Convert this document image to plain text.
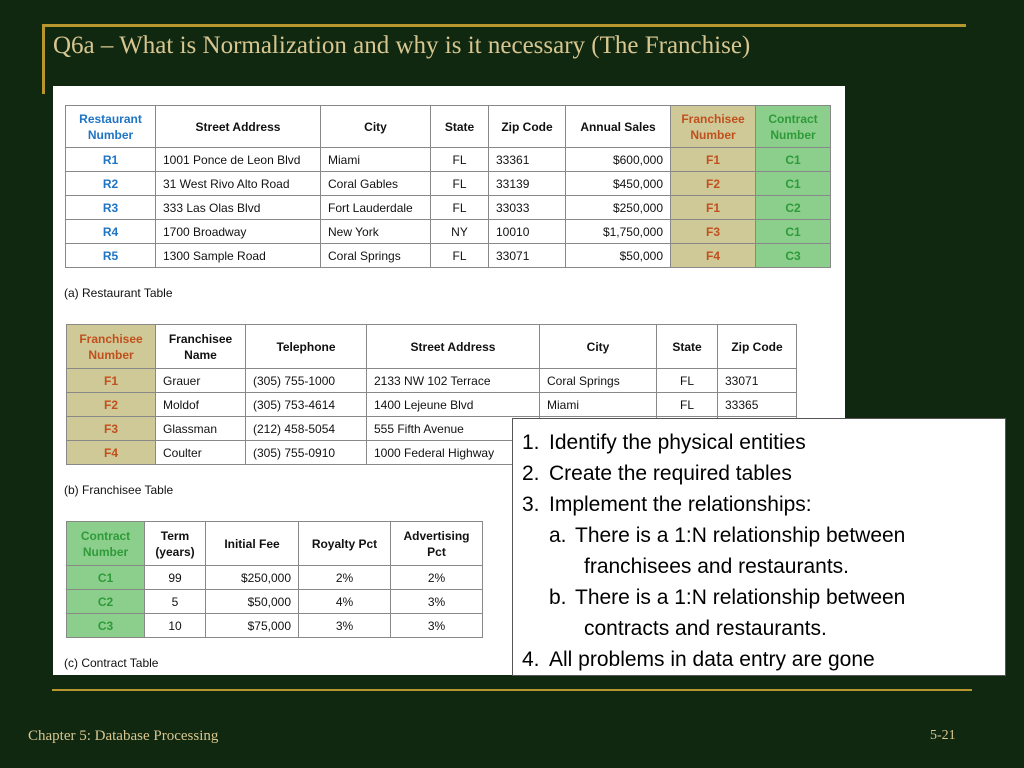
Q6a – What is Normalization and why is it necessary (The Franchise)
Restaurant
Number	Street Address	City	State	Zip Code	Annual Sales	Franchisee
Number	Contract
Number
R1	1001 Ponce de Leon Blvd	Miami	FL	33361	$600,000	F1	C1
R2	31 West Rivo Alto Road	Coral Gables	FL	33139	$450,000	F2	C1
R3	333 Las Olas Blvd	Fort Lauderdale	FL	33033	$250,000	F1	C2
R4	1700 Broadway	New York	NY	10010	$1,750,000	F3	C1
R5	1300 Sample Road	Coral Springs	FL	33071	$50,000	F4	C3
(a) Restaurant Table
Franchisee
Number	Franchisee
Name	Telephone	Street Address	City	State	Zip Code
F1	Grauer	(305) 755-1000	2133 NW 102 Terrace	Coral Springs	FL	33071
F2	Moldof	(305) 753-4614	1400 Lejeune Blvd	Miami	FL	33365
F3	Glassman	(212) 458-5054	555 Fifth Avenue			
F4	Coulter	(305) 755-0910	1000 Federal Highway			
(b) Franchisee Table
Contract
Number	Term
(years)	Initial Fee	Royalty Pct	Advertising
Pct
C1	99	$250,000	2%	2%
C2	5	$50,000	4%	3%
C3	10	$75,000	3%	3%
(c) Contract Table
1. Identify the physical entities
2. Create the required tables
3. Implement the relationships:
a. There is a 1:N relationship between
franchisees and restaurants.
b. There is a 1:N relationship between
contracts and restaurants.
4. All problems in data entry are gone
Chapter 5: Database Processing	5-21
